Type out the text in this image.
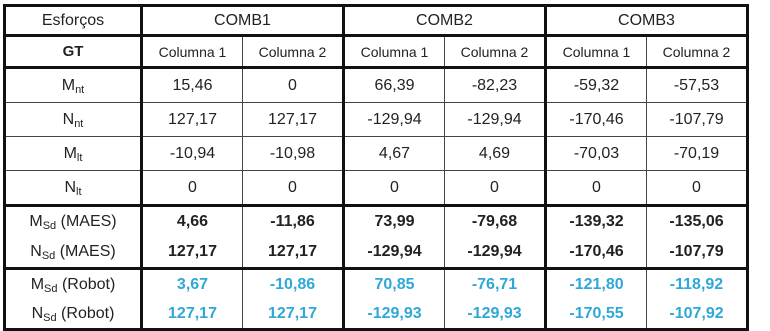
Esforços	COMB1		COMB2		COMB3	
GT	Columna 1	Columna 2	Columna 1	Columna 2	Columna 1	Columna 2
$M_{nt}$	15,46	0	66,39	-82,23	-59,32	-57,53
$N_{nt}$	127,17	127,17	-129,94	-129,94	-170,46	-107,79
$M_{lt}$	-10,94	-10,98	4,67	4,69	-70,03	-70,19
$N_{lt}$	0	0	0	0	0	0
$M_{Sd}$ (MAES)	4,66	-11,86	73,99	-79,68	-139,32	-135,06
$N_{Sd}$ (MAES)	127,17	127,17	-129,94	-129,94	-170,46	-107,79
$M_{Sd}$ (Robot)	3,67	-10,86	70,85	-76,71	-121,80	-118,92
$N_{Sd}$ (Robot)	127,17	127,17	-129,93	-129,93	-170,55	-107,92
